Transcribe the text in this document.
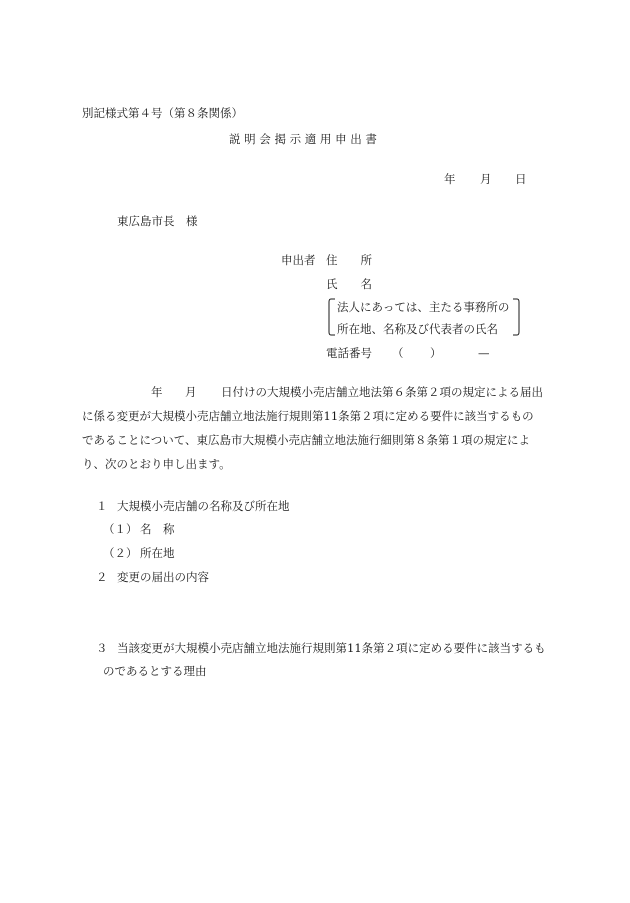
別記様式第４号（第８条関係）
説 明 会 掲 示 適 用 申 出 書
年 月 日
東広島市長　様
申出者 住　　所
氏　　名
法人にあっては、主たる事務所の
所在地、名称及び代表者の氏名
電話番号 （ ）	—
年 月 日付けの大規模小売店舗立地法第６条第２項の規定による届出
に係る変更が大規模小売店舗立地法施行規則第11条第２項に定める要件に該当するもの
であることについて、東広島市大規模小売店舗立地法施行細則第８条第１項の規定によ
り、次のとおり申し出ます。
１ 大規模小売店舗の名称及び所在地
（１） 名　称
（２） 所在地
２ 変更の届出の内容
３ 当該変更が大規模小売店舗立地法施行規則第11条第２項に定める要件に該当するも
のであるとする理由
